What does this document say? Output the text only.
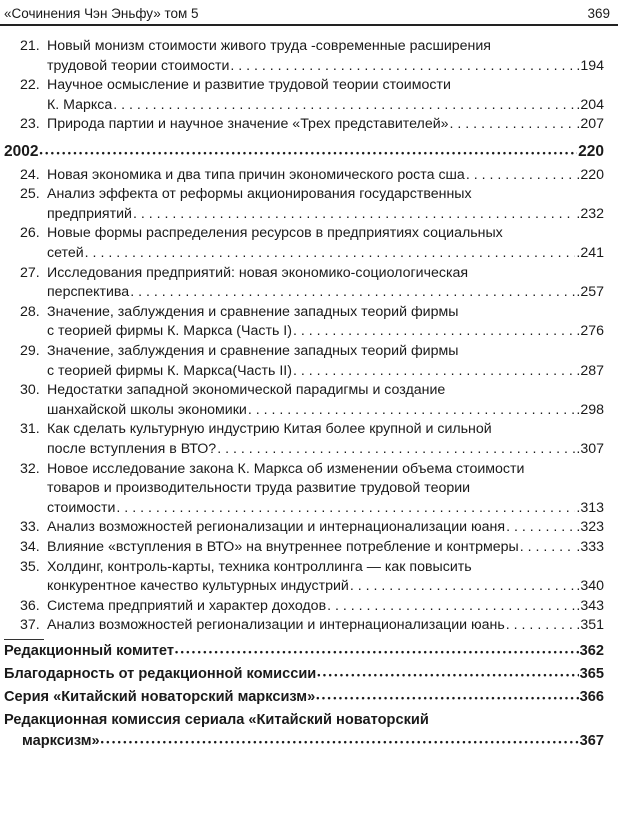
«Сочинения Чэн Эньфу» том 5	369
21. Новый монизм стоимости живого труда -современные расширения
трудовой теории стоимости . . .	.194
22. Научное осмысление и развитие трудовой теории стоимости
К. Маркса . . .	.204
23. Природа партии и научное значение «Трех представителей» . . .	.207
2002 • • •	220
24. Новая экономика и два типа причин экономического роста сша . . .	.220
25. Анализ эффекта от реформы акционирования государственных
предприятий . . .	.232
26. Новые формы распределения ресурсов в предприятиях социальных
сетей . . .	.241
27. Исследования предприятий: новая экономико-социологическая
перспектива . . .	.257
28. Значение, заблуждения и сравнение западных теорий фирмы
с теорией фирмы К. Маркса (Часть I) . . .	.276
29. Значение, заблуждения и сравнение западных теорий фирмы
с теорией фирмы К. Маркса(Часть II) . . .	.287
30. Недостатки западной экономической парадигмы и создание
шанхайской школы экономики . . .	.298
31. Как сделать культурную индустрию Китая более крупной и сильной
после вступления в ВТО? . . .	.307
32. Новое исследование закона К. Маркса об изменении объема стоимости
товаров и производительности труда развитие трудовой теории
стоимости . . .	.313
33. Анализ возможностей регионализации и интернационализации юаня . . .	.323
34. Влияние «вступления в ВТО» на внутреннее потребление и контрмеры . . .	.333
35. Холдинг, контроль-карты, техника контроллинга — как повысить
конкурентное качество культурных индустрий . . .	.340
36. Система предприятий и характер доходов . . .	.343
37. Анализ возможностей регионализации и интернационализации юань . . .	.351
Редакционный комитет • • •	362
Благодарность от редакционной комиссии • • •	365
Серия «Китайский новаторский марксизм» • • •	366
Редакционная комиссия сериала «Китайский новаторский
марксизм» • • •	367
